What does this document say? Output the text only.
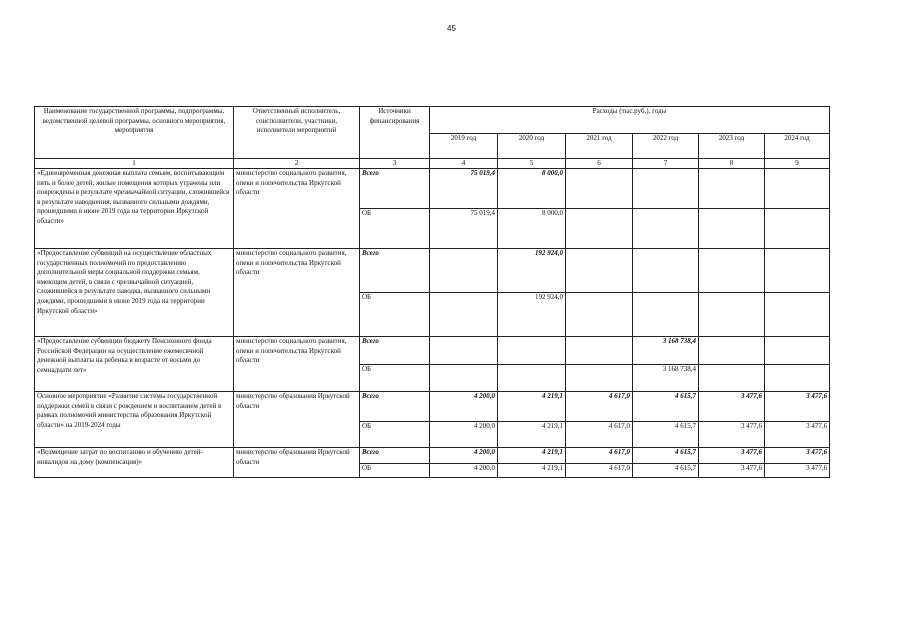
45
Наименование государственной программы, подпрограммы, ведомственной целевой программы, основного мероприятия, мероприятия	Ответственный исполнитель, соисполнители, участники, исполнители мероприятий	Источники финансирования	Расходы (тыс.руб.), годы					
			2019 год	2020 год	2021 год	2022 год	2023 год	2024 год
1	2	3	4	5	6	7	8	9
«Единовременная денежная выплата семьям, воспитывающим пять и более детей, жилые помещения которых утрачены или повреждены в результате чрезвычайной ситуации, сложившейся в результате наводнения, вызванного сильными дождями, прошедшими в июне 2019 года на территории Иркутской области»	министерство социального развития, опеки и попечительства Иркутской области	Всего	75 019,4	8 000,0				
		ОБ	75 019,4	8 000,0				
«Предоставление субвенций на осуществление областных государственных полномочий по предоставлению дополнительной меры социальной поддержки семьям, имеющим детей, в связи с чрезвычайной ситуацией, сложившейся в результате паводка, вызванного сильными дождями, прошедшими в июне 2019 года на территории Иркутской области»	министерство социального развития, опеки и попечительства Иркутской области	Всего		192 924,0				
		ОБ		192 924,0				
«Предоставление субвенции бюджету Пенсионного фонда Российской Федерации на осуществление ежемесячной денежной выплаты на ребенка в возрасте от восьми до семнадцати лет»	министерство социального развития, опеки и попечительства Иркутской области	Всего				3 168 738,4		
		ОБ				3 168 738,4		
Основное мероприятие «Развитие системы государственной поддержки семей в связи с рождением и воспитанием детей в рамках полномочий министерства образования Иркутской области» на 2019-2024 годы	министерство образования Иркутской области	Всего	4 200,0	4 219,1	4 617,0	4 615,7	3 477,6	3 477,6
		ОБ	4 200,0	4 219,1	4 617,0	4 615,7	3 477,6	3 477,6
«Возмещение затрат по воспитанию и обучению детей-инвалидов на дому (компенсация)»	министерство образования Иркутской области	Всего	4 200,0	4 219,1	4 617,0	4 615,7	3 477,6	3 477,6
		ОБ	4 200,0	4 219,1	4 617,0	4 615,7	3 477,6	3 477,6
